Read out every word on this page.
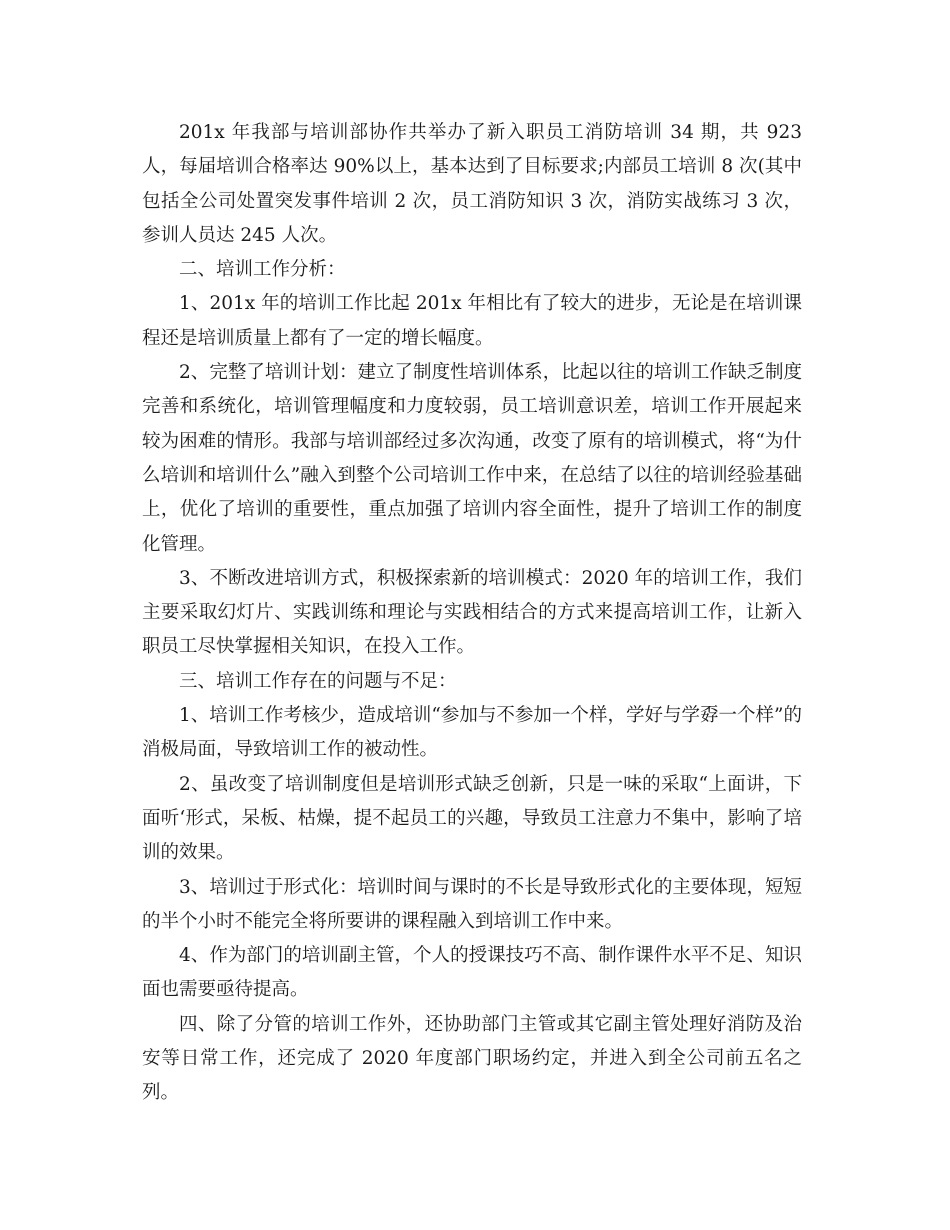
201x 年我部与培训部协作共举办了新入职员工消防培训 34 期，共 923 人，每届培训合格率达 90%以上，基本达到了目标要求;内部员工培训 8 次(其中包括全公司处置突发事件培训 2 次，员工消防知识 3 次，消防实战练习 3 次，参训人员达 245 人次。

二、培训工作分析：

1、201x 年的培训工作比起 201x 年相比有了较大的进步，无论是在培训课程还是培训质量上都有了一定的增长幅度。

2、完整了培训计划：建立了制度性培训体系，比起以往的培训工作缺乏制度完善和系统化，培训管理幅度和力度较弱，员工培训意识差，培训工作开展起来较为困难的情形。我部与培训部经过多次沟通，改变了原有的培训模式，将“为什么培训和培训什么”融入到整个公司培训工作中来，在总结了以往的培训经验基础上，优化了培训的重要性，重点加强了培训内容全面性，提升了培训工作的制度化管理。

3、不断改进培训方式，积极探索新的培训模式：2020 年的培训工作，我们主要采取幻灯片、实践训练和理论与实践相结合的方式来提高培训工作，让新入职员工尽快掌握相关知识，在投入工作。

三、培训工作存在的问题与不足：

1、培训工作考核少，造成培训“参加与不参加一个样，学好与学孬一个样”的消极局面，导致培训工作的被动性。

2、虽改变了培训制度但是培训形式缺乏创新，只是一味的采取“上面讲，下面听‘形式，呆板、枯燥，提不起员工的兴趣，导致员工注意力不集中，影响了培训的效果。

3、培训过于形式化：培训时间与课时的不长是导致形式化的主要体现，短短的半个小时不能完全将所要讲的课程融入到培训工作中来。

4、作为部门的培训副主管，个人的授课技巧不高、制作课件水平不足、知识面也需要亟待提高。

四、除了分管的培训工作外，还协助部门主管或其它副主管处理好消防及治安等日常工作，还完成了 2020 年度部门职场约定，并进入到全公司前五名之列。
